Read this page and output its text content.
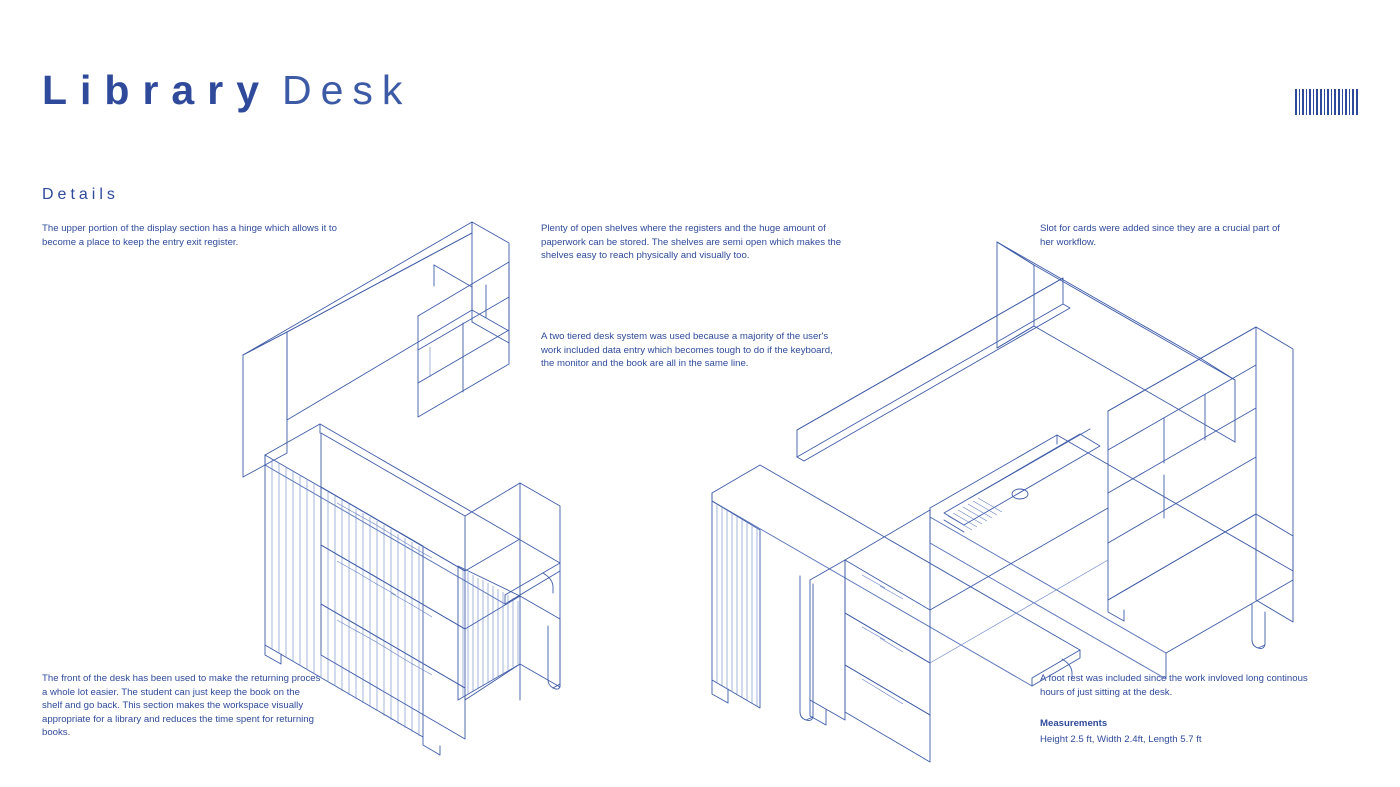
Library Desk
Details
The upper portion of the display section has a hinge which allows it to become a place to keep the entry exit register.
Plenty of open shelves where the registers and the huge amount of paperwork can be stored. The shelves are semi open which makes the shelves easy to reach physically and visually too.
A two tiered desk system was used because a majority of the user's work included data entry which becomes tough to do if the keyboard, the monitor and the book are all in the same line.
Slot for cards were added since they are a crucial part of her workflow.
The front of the desk has been used to make the returning proces a whole lot easier. The student can just keep the book on the shelf and go back. This section makes the workspace visually appropriate for a library and reduces the time spent for returning books.
A foot rest was included since the work invloved long continous hours of just sitting at the desk.
Measurements
Height 2.5 ft, Width 2.4ft, Length 5.7 ft
